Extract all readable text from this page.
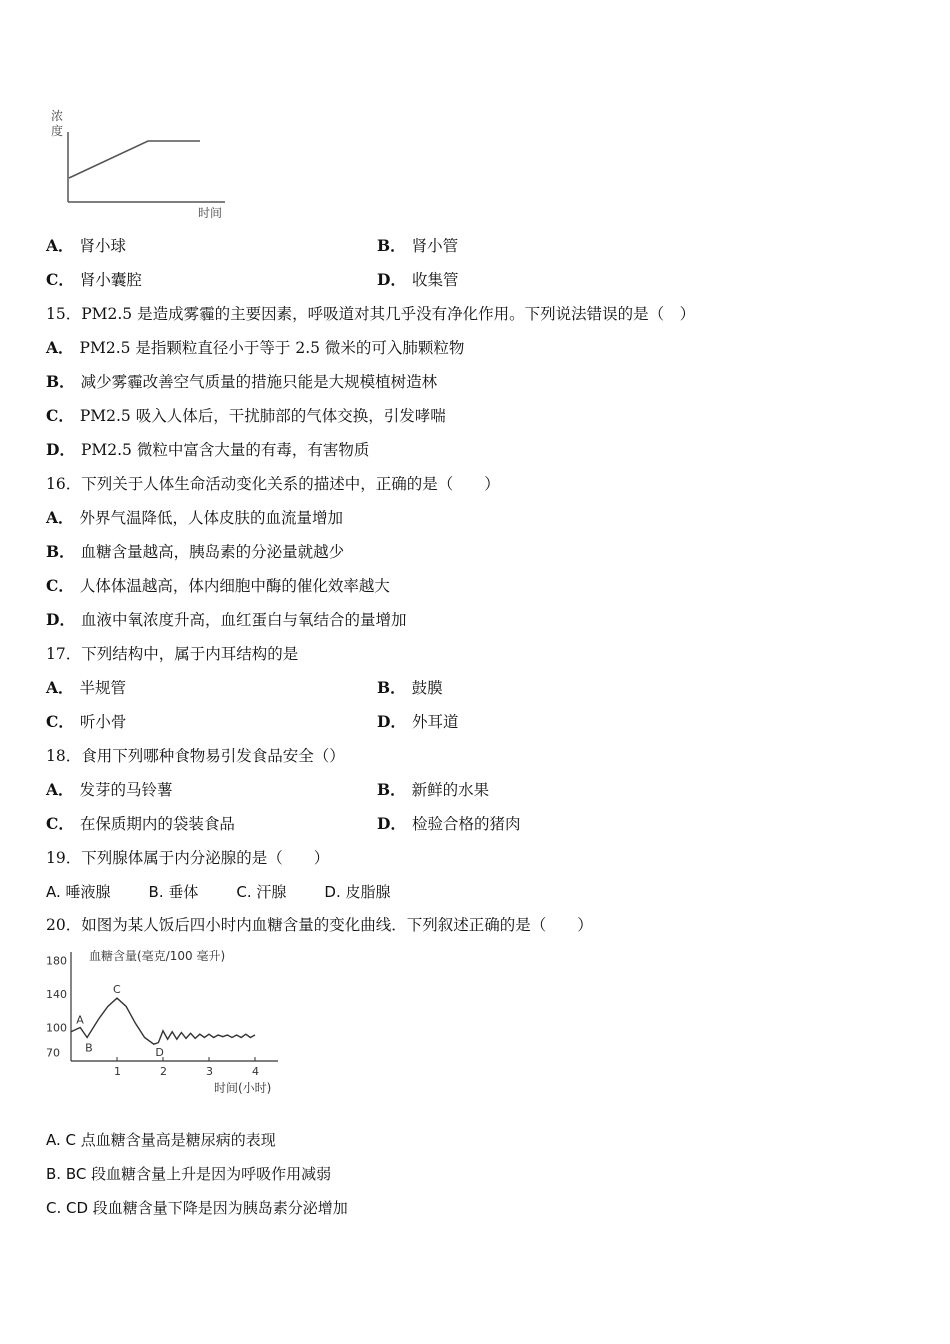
浓
度
时间
A． 肾小球	B． 肾小管
C． 肾小囊腔	D． 收集管
15．PM2.5 是造成雾霾的主要因素，呼吸道对其几乎没有净化作用。下列说法错误的是（　）
A． PM2.5 是指颗粒直径小于等于 2.5 微米的可入肺颗粒物
B． 减少雾霾改善空气质量的措施只能是大规模植树造林
C． PM2.5 吸入人体后，干扰肺部的气体交换，引发哮喘
D． PM2.5 微粒中富含大量的有毒，有害物质
16．下列关于人体生命活动变化关系的描述中，正确的是（　　）
A． 外界气温降低，人体皮肤的血流量增加
B． 血糖含量越高，胰岛素的分泌量就越少
C． 人体体温越高，体内细胞中酶的催化效率越大
D． 血液中氧浓度升高，血红蛋白与氧结合的量增加
17．下列结构中，属于内耳结构的是
A． 半规管	B． 鼓膜
C． 听小骨	D． 外耳道
18．食用下列哪种食物易引发食品安全（）
A． 发芽的马铃薯	B． 新鲜的水果
C． 在保质期内的袋装食品	D． 检验合格的猪肉
19．下列腺体属于内分泌腺的是（　　）
A. 唾液腺	B. 垂体	C. 汗腺	D. 皮脂腺
20．如图为某人饭后四小时内血糖含量的变化曲线．下列叙述正确的是（　　）
血糖含量(毫克/100 毫升)
时间(小时)
180
140
100
70
1	2	3	4
A
B
C
D
A. C 点血糖含量高是糖尿病的表现
B. BC 段血糖含量上升是因为呼吸作用减弱
C. CD 段血糖含量下降是因为胰岛素分泌增加
